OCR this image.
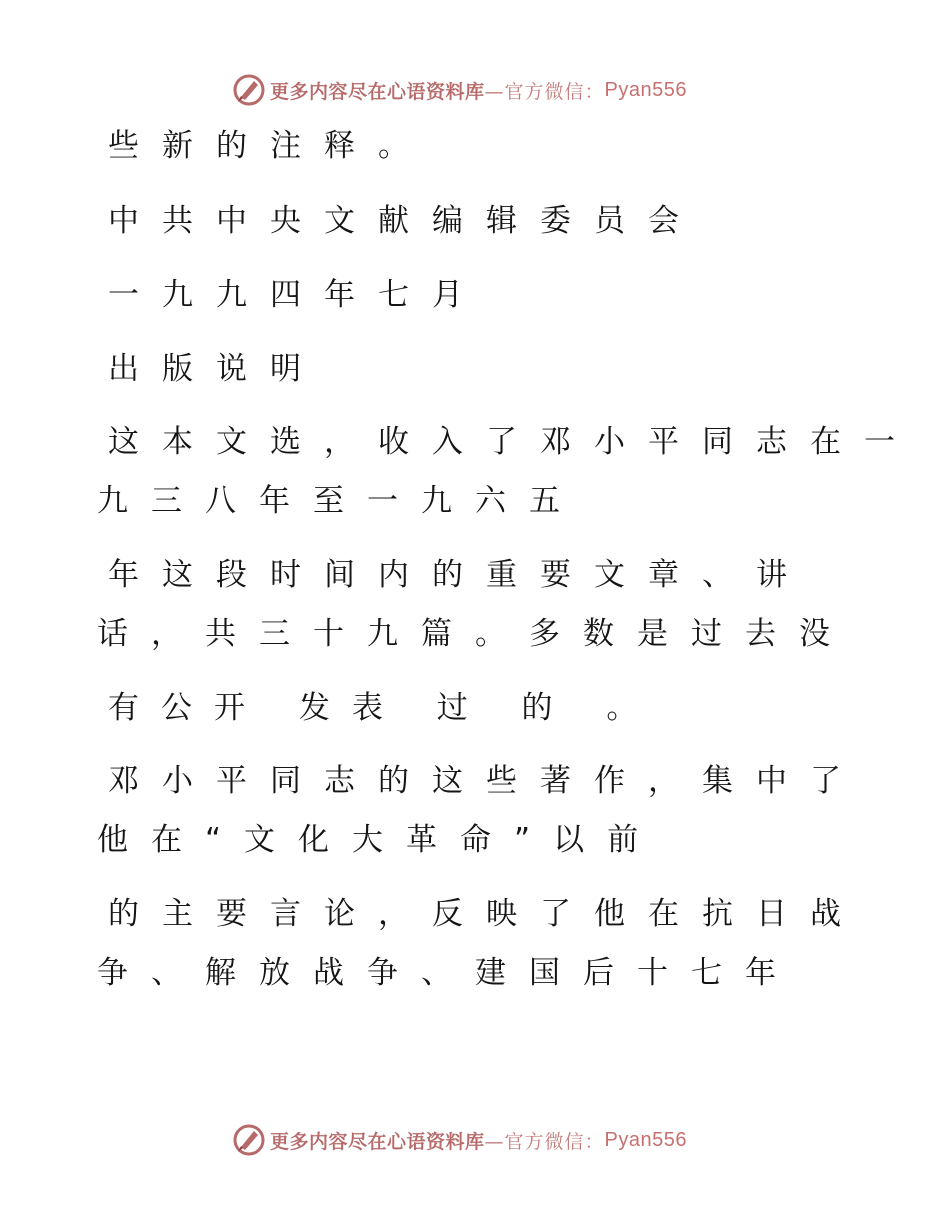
更多内容尽在心语资料库 —官方微信： Pyan556
些新的注释。
中共中央文献编辑委员会
一九九四年七月
出版说明
这本文选，收入了邓小平同志在一
九三八年至一九六五
年这段时间内的重要文章、讲
话，共三十九篇。多数是过去没
有公开 发表 过 的 。
邓小平同志的这些著作，集中了
他在“文化大革命”以前
的主要言论，反映了他在抗日战
争、解放战争、建国后十七年
更多内容尽在心语资料库 —官方微信： Pyan556
